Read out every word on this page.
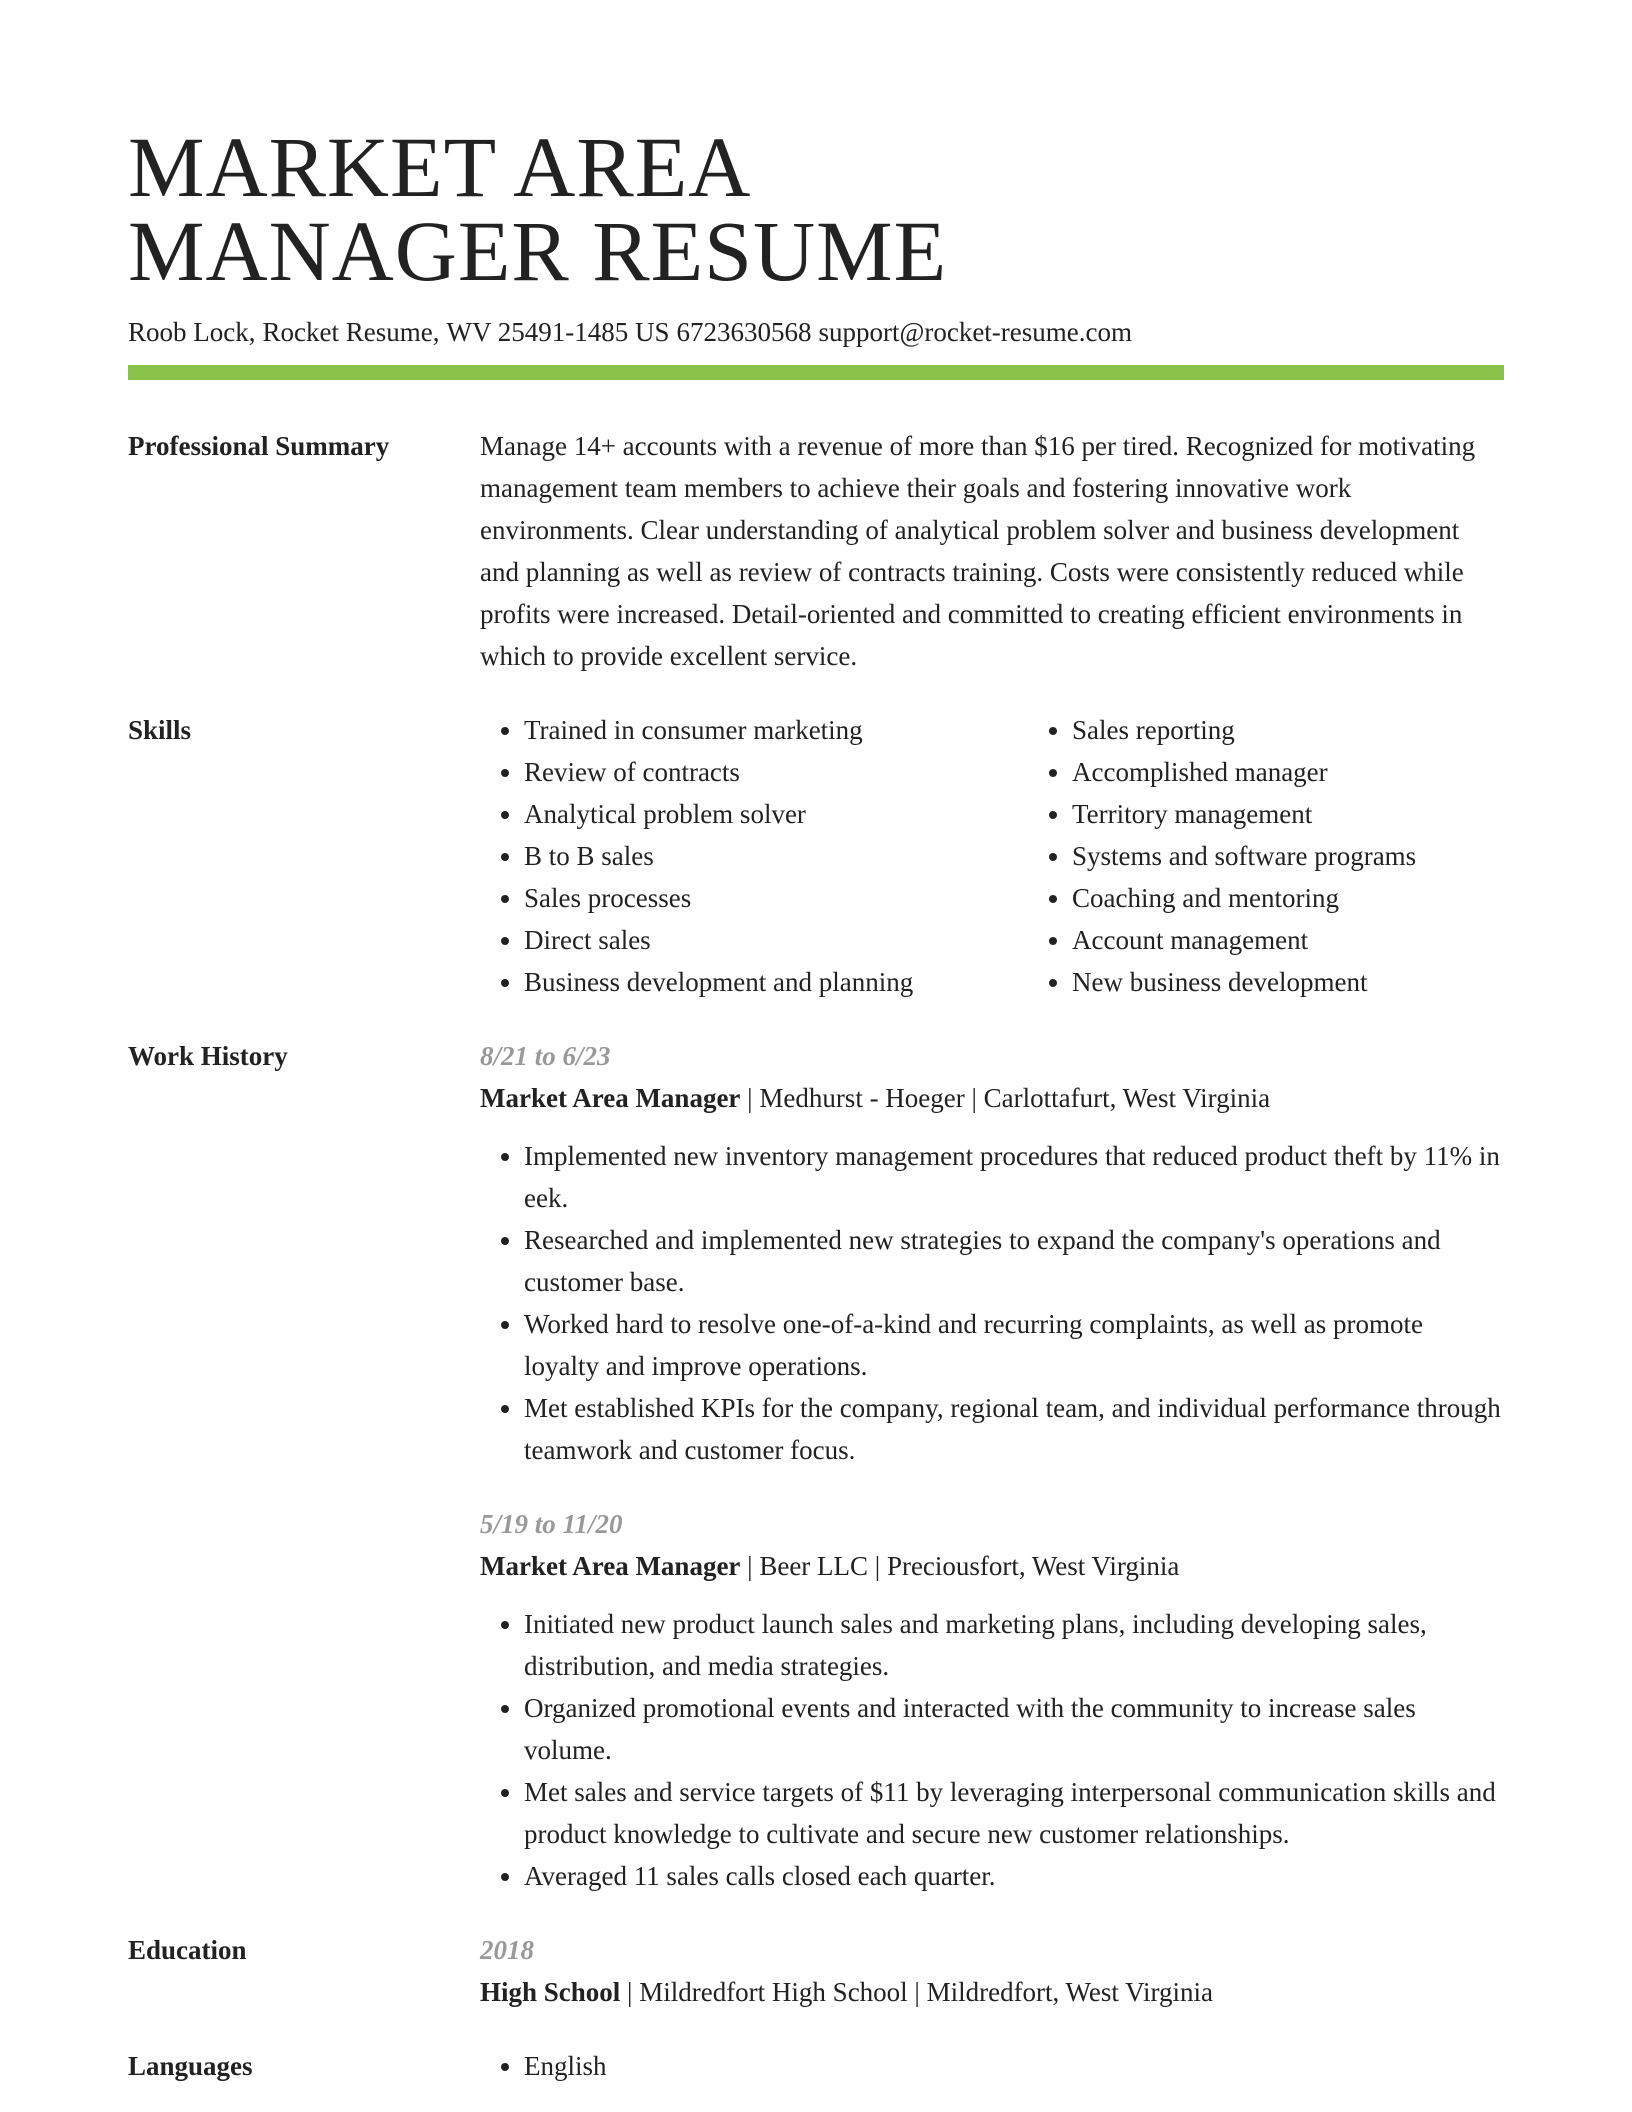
MARKET AREA
MANAGER RESUME
Roob Lock, Rocket Resume, WV 25491-1485 US 6723630568 support@rocket-resume.com
Professional Summary	Manage 14+ accounts with a revenue of more than $16 per tired. Recognized for motivating management team members to achieve their goals and fostering innovative work environments. Clear understanding of analytical problem solver and business development and planning as well as review of contracts training. Costs were consistently reduced while profits were increased. Detail-oriented and committed to creating efficient environments in which to provide excellent service.
Skills	• Trained in consumer marketing
• Review of contracts
• Analytical problem solver
• B to B sales
• Sales processes
• Direct sales
• Business development and planning
• Sales reporting
• Accomplished manager
• Territory management
• Systems and software programs
• Coaching and mentoring
• Account management
• New business development
Work History	8/21 to 6/23
Market Area Manager | Medhurst - Hoeger | Carlottafurt, West Virginia
• Implemented new inventory management procedures that reduced product theft by 11% in eek.
• Researched and implemented new strategies to expand the company's operations and customer base.
• Worked hard to resolve one-of-a-kind and recurring complaints, as well as promote loyalty and improve operations.
• Met established KPIs for the company, regional team, and individual performance through teamwork and customer focus.
5/19 to 11/20
Market Area Manager | Beer LLC | Preciousfort, West Virginia
• Initiated new product launch sales and marketing plans, including developing sales, distribution, and media strategies.
• Organized promotional events and interacted with the community to increase sales volume.
• Met sales and service targets of $11 by leveraging interpersonal communication skills and product knowledge to cultivate and secure new customer relationships.
• Averaged 11 sales calls closed each quarter.
Education	2018
High School | Mildredfort High School | Mildredfort, West Virginia
Languages	• English
